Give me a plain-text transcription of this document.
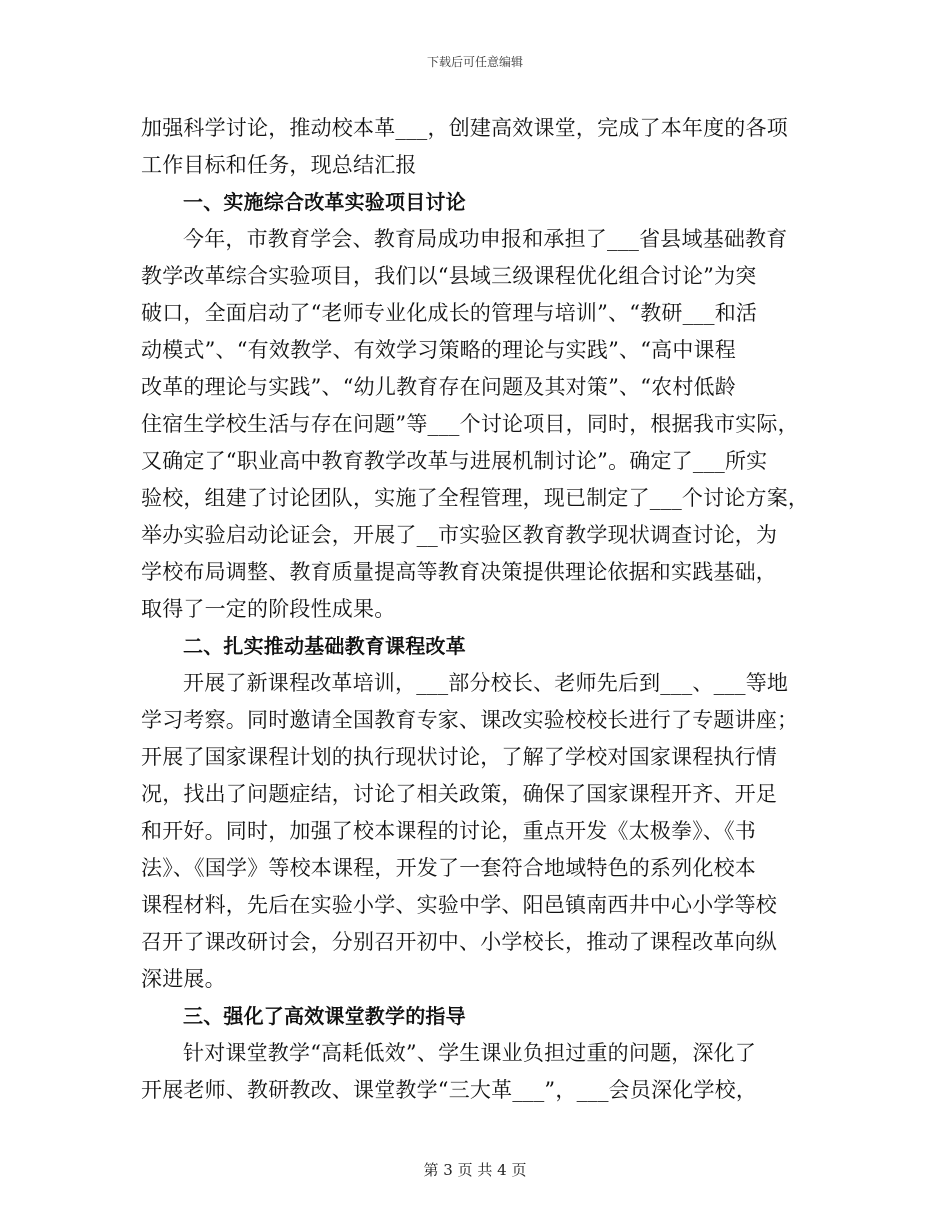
下载后可任意编辑
加强科学讨论，推动校本革___，创建高效课堂，完成了本年度的各项
工作目标和任务，现总结汇报
一、实施综合改革实验项目讨论
今年，市教育学会、教育局成功申报和承担了___省县域基础教育
教学改革综合实验项目，我们以“县域三级课程优化组合讨论”为突
破口，全面启动了“老师专业化成长的管理与培训”、“教研___和活
动模式”、“有效教学、有效学习策略的理论与实践”、“高中课程
改革的理论与实践”、“幼儿教育存在问题及其对策”、“农村低龄
住宿生学校生活与存在问题”等___个讨论项目，同时，根据我市实际，
又确定了“职业高中教育教学改革与进展机制讨论”。确定了___所实
验校，组建了讨论团队，实施了全程管理，现已制定了___个讨论方案，
举办实验启动论证会，开展了__市实验区教育教学现状调查讨论，为
学校布局调整、教育质量提高等教育决策提供理论依据和实践基础，
取得了一定的阶段性成果。
二、扎实推动基础教育课程改革
开展了新课程改革培训，___部分校长、老师先后到___、___等地
学习考察。同时邀请全国教育专家、课改实验校校长进行了专题讲座；
开展了国家课程计划的执行现状讨论，了解了学校对国家课程执行情
况，找出了问题症结，讨论了相关政策，确保了国家课程开齐、开足
和开好。同时，加强了校本课程的讨论，重点开发《太极拳》、《书
法》、《国学》等校本课程，开发了一套符合地域特色的系列化校本
课程材料，先后在实验小学、实验中学、阳邑镇南西井中心小学等校
召开了课改研讨会，分别召开初中、小学校长，推动了课程改革向纵
深进展。
三、强化了高效课堂教学的指导
针对课堂教学“高耗低效”、学生课业负担过重的问题，深化了
开展老师、教研教改、课堂教学“三大革___”，___会员深化学校，
第 3 页 共 4 页
